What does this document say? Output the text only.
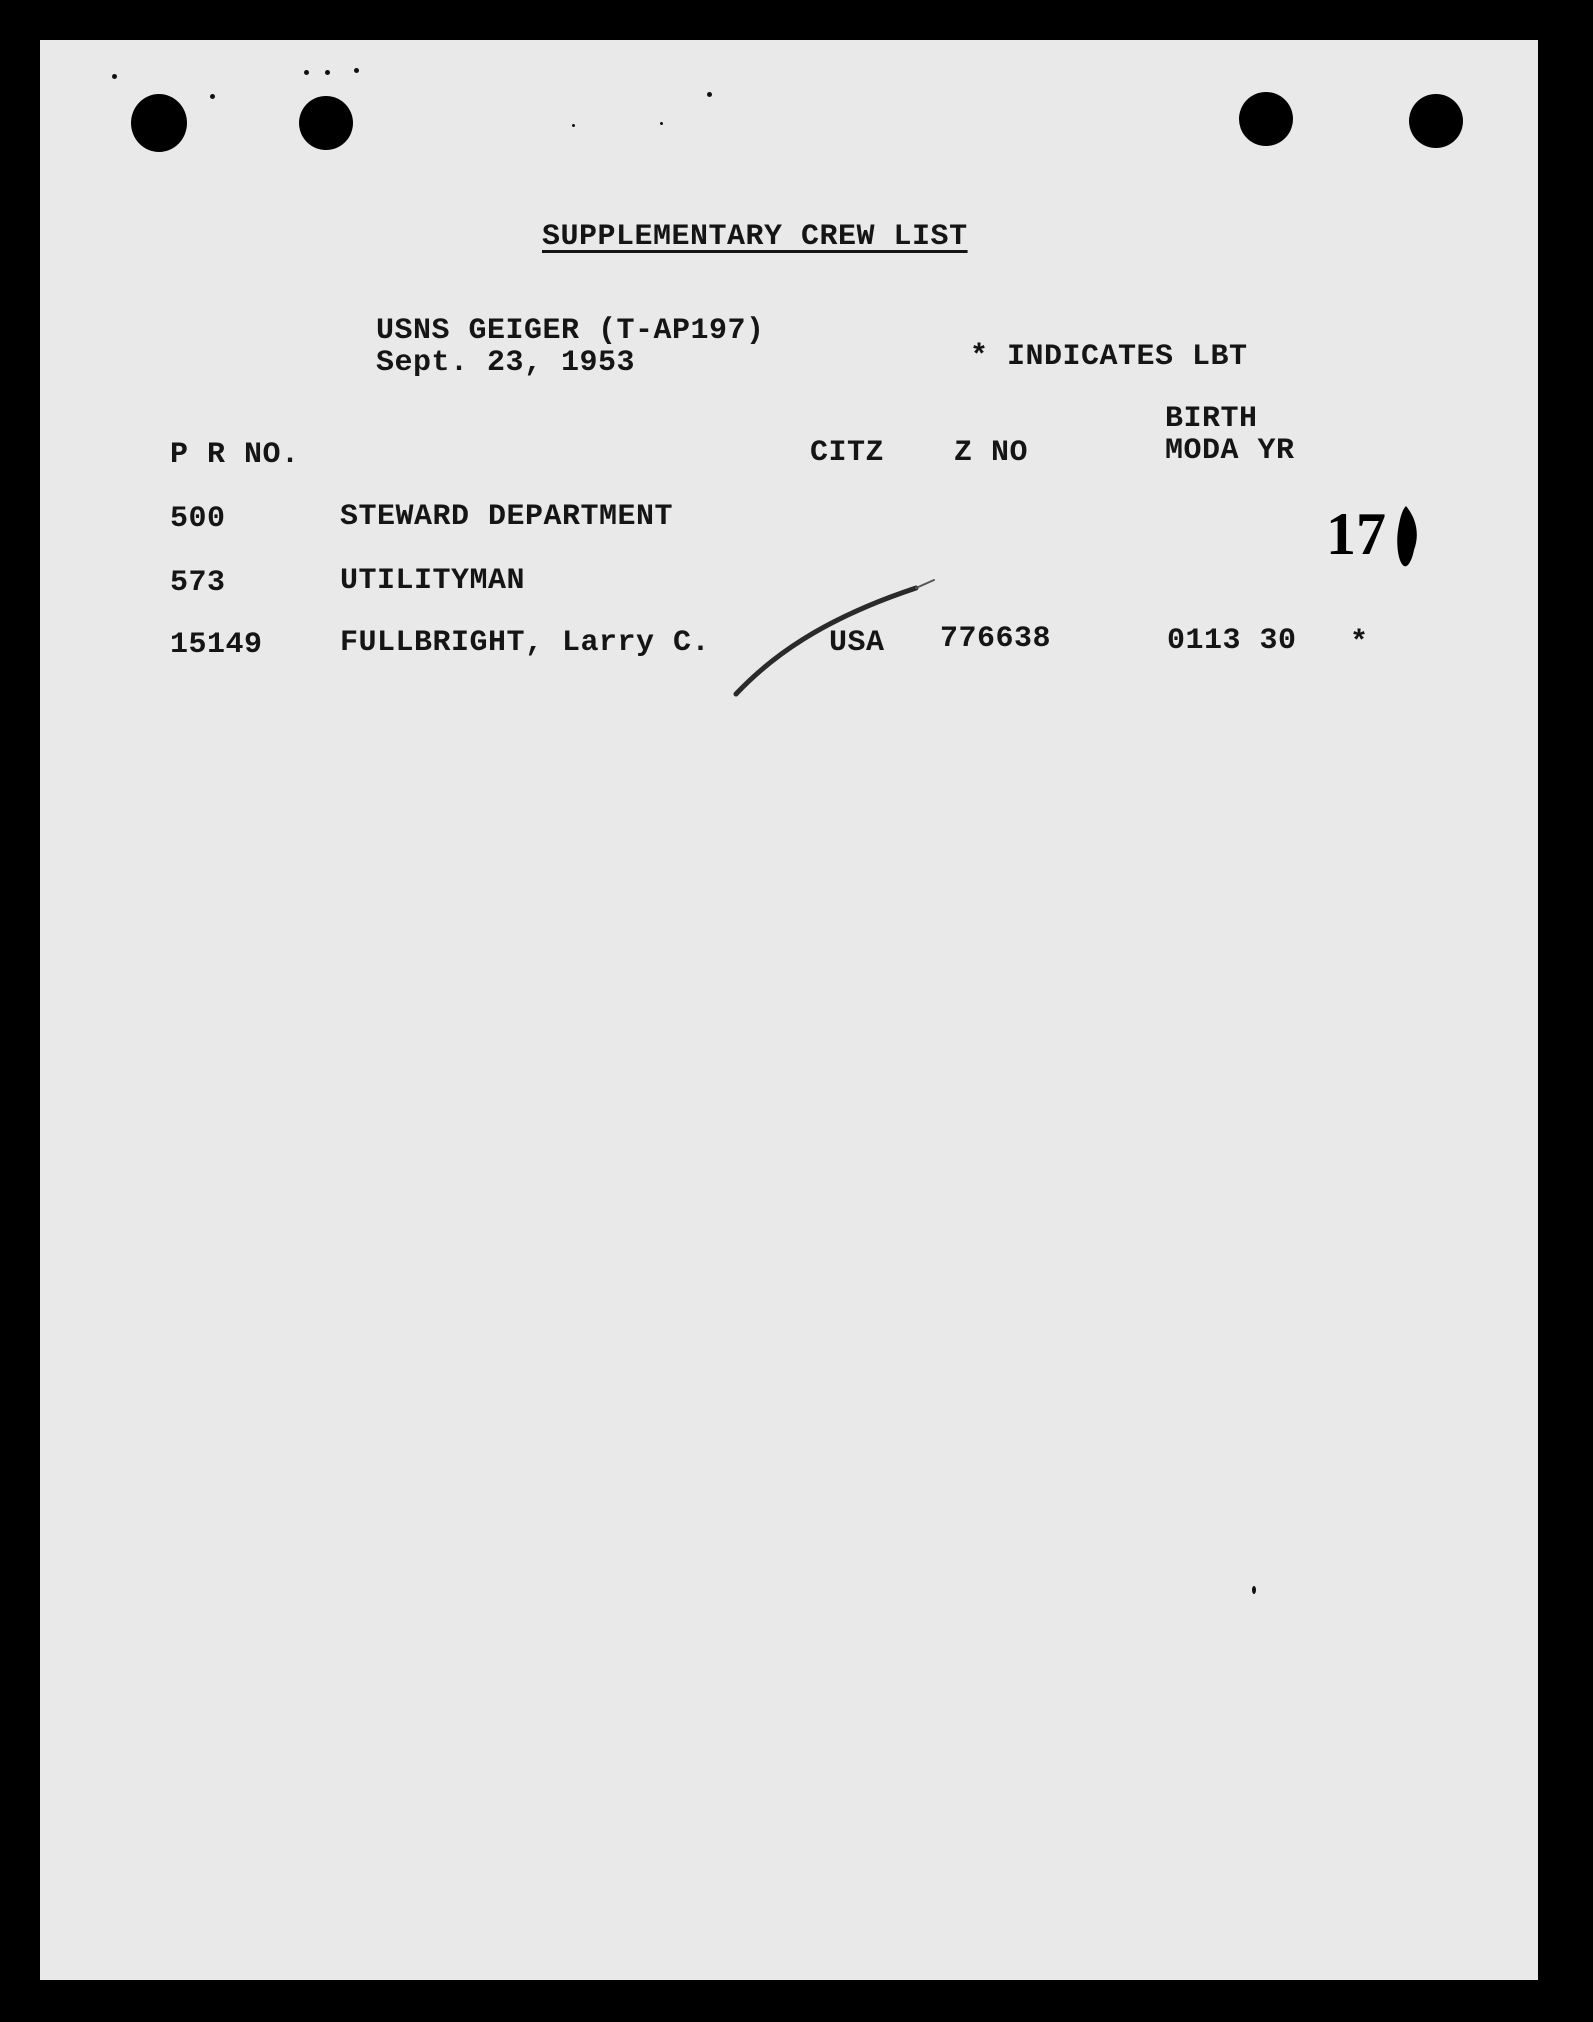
SUPPLEMENTARY CREW LIST
USNS GEIGER (T-AP197)
Sept. 23, 1953	* INDICATES LBT
P R NO.	CITZ Z NO
BIRTH
MODA YR
500	STEWARD DEPARTMENT
573	UTILITYMAN
15149	FULLBRIGHT, Larry C.	USA 776638	0113 30 *
17
